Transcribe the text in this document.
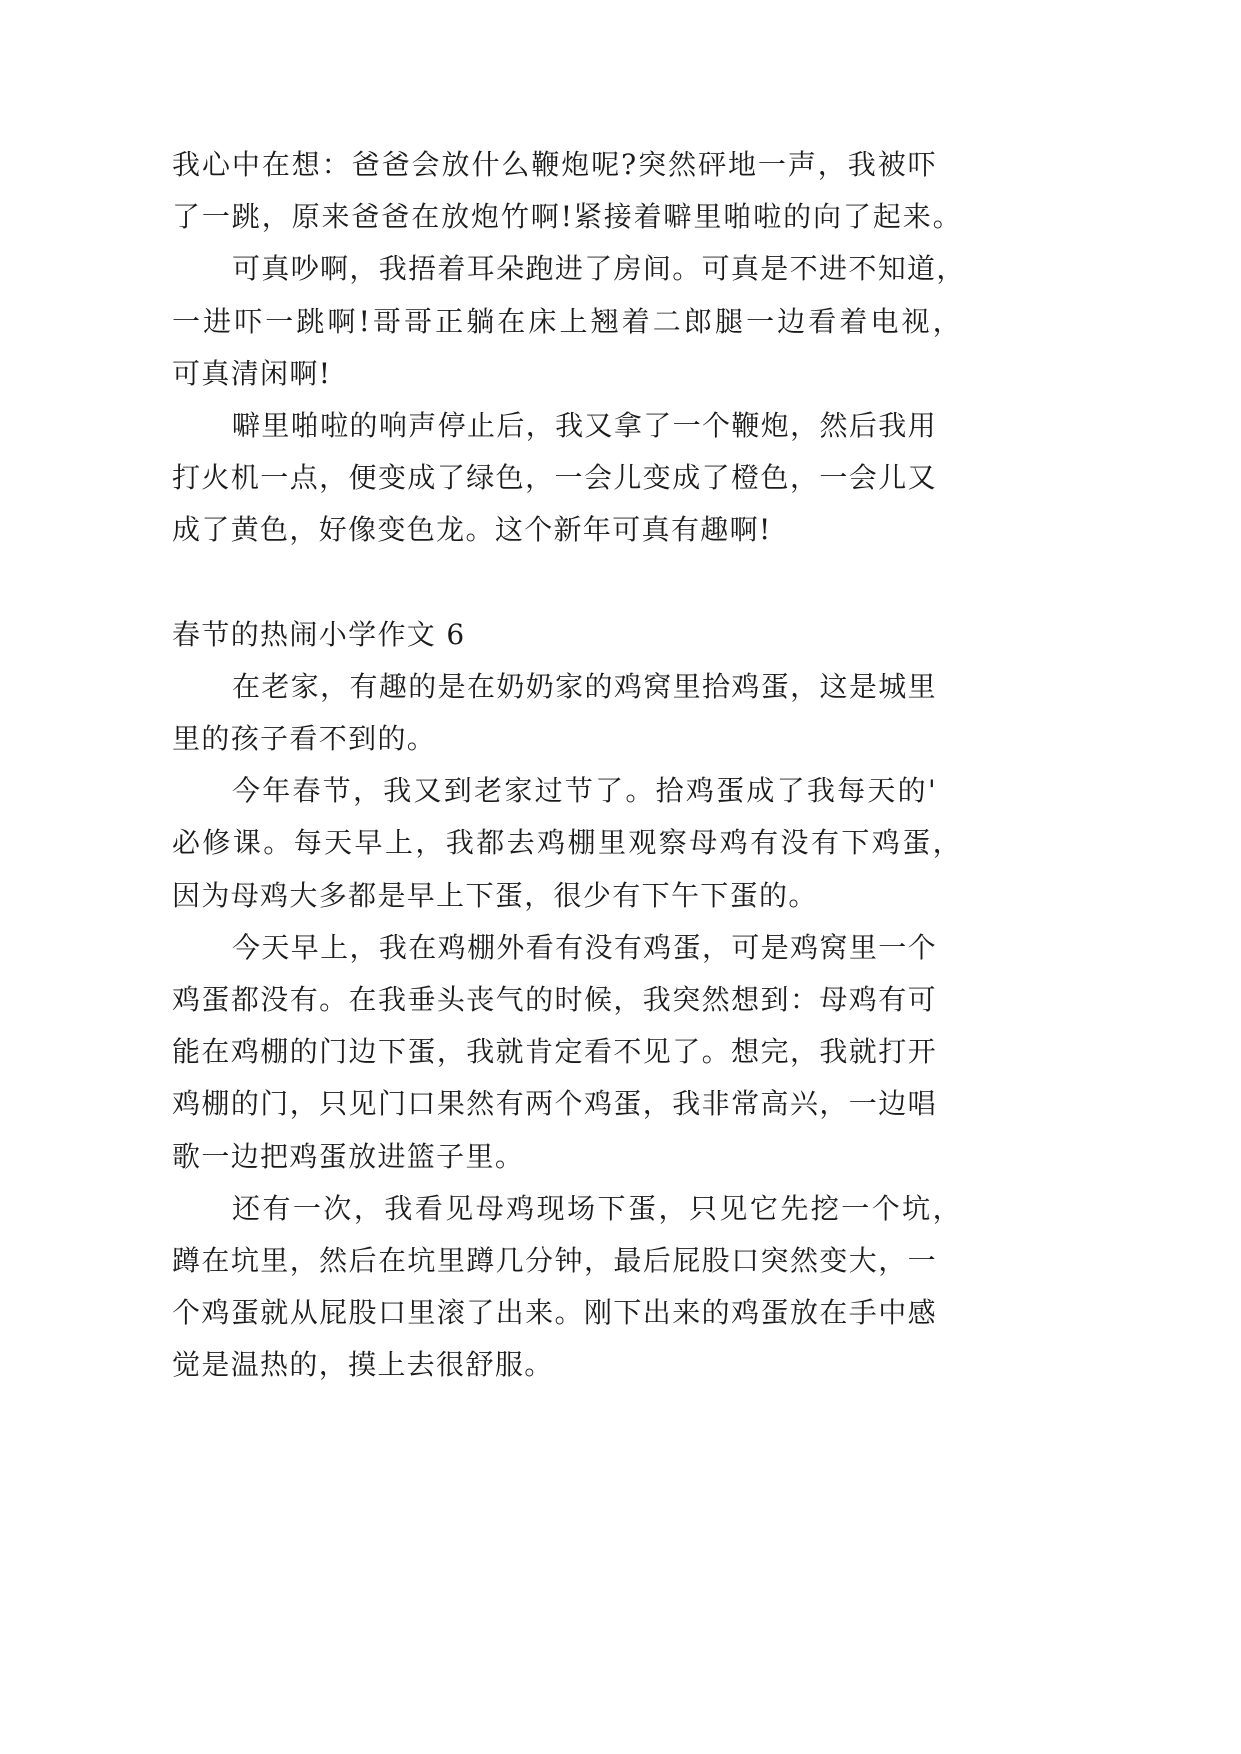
我心中在想：爸爸会放什么鞭炮呢?突然砰地一声，我被吓
了一跳，原来爸爸在放炮竹啊!紧接着噼里啪啦的向了起来。
可真吵啊，我捂着耳朵跑进了房间。可真是不进不知道，
一进吓一跳啊!哥哥正躺在床上翘着二郎腿一边看着电视，
可真清闲啊!
噼里啪啦的响声停止后，我又拿了一个鞭炮，然后我用
打火机一点，便变成了绿色，一会儿变成了橙色，一会儿又
成了黄色，好像变色龙。这个新年可真有趣啊!
春节的热闹小学作文 6
在老家，有趣的是在奶奶家的鸡窝里拾鸡蛋，这是城里
里的孩子看不到的。
今年春节，我又到老家过节了。拾鸡蛋成了我每天的'
必修课。每天早上，我都去鸡棚里观察母鸡有没有下鸡蛋，
因为母鸡大多都是早上下蛋，很少有下午下蛋的。
今天早上，我在鸡棚外看有没有鸡蛋，可是鸡窝里一个
鸡蛋都没有。在我垂头丧气的时候，我突然想到：母鸡有可
能在鸡棚的门边下蛋，我就肯定看不见了。想完，我就打开
鸡棚的门，只见门口果然有两个鸡蛋，我非常高兴，一边唱
歌一边把鸡蛋放进篮子里。
还有一次，我看见母鸡现场下蛋，只见它先挖一个坑，
蹲在坑里，然后在坑里蹲几分钟，最后屁股口突然变大，一
个鸡蛋就从屁股口里滚了出来。刚下出来的鸡蛋放在手中感
觉是温热的，摸上去很舒服。
